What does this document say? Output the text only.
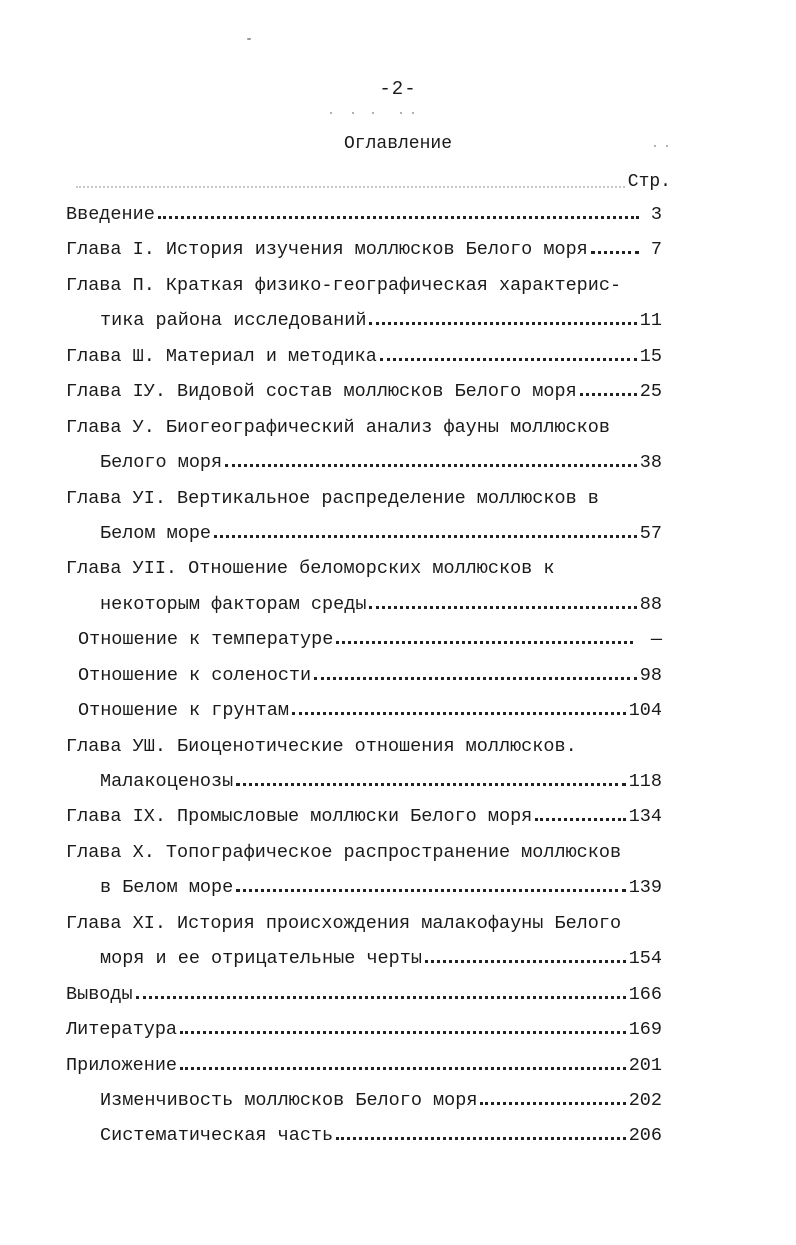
-2-
Оглавление
Стр.
Введение	3
Глава I. История изучения моллюсков Белого моря	7
Глава П. Краткая физико-географическая характерис-
тика района исследований	11
Глава Ш. Материал и методика	15
Глава IУ. Видовой состав моллюсков Белого моря	25
Глава У. Биогеографический анализ фауны моллюсков
Белого моря	38
Глава УI. Вертикальное распределение моллюсков в
Белом море	57
Глава УII. Отношение беломорских моллюсков к
некоторым факторам среды	88
Отношение к температуре	—
Отношение к солености	98
Отношение к грунтам	104
Глава УШ. Биоценотические отношения моллюсков.
Малакоценозы	118
Глава IX. Промысловые моллюски Белого моря	134
Глава X. Топографическое распространение моллюсков
в Белом море	139
Глава XI. История происхождения малакофауны Белого
моря и ее отрицательные черты	154
Выводы	166
Литература	169
Приложение	201
Изменчивость моллюсков Белого моря	202
Систематическая часть	206
